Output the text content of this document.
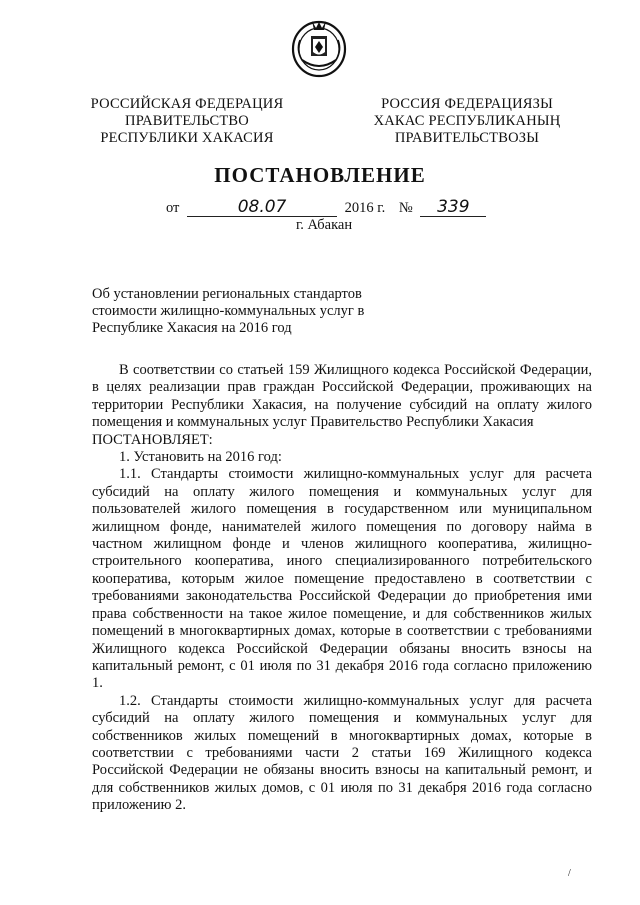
РОССИЙСКАЯ ФЕДЕРАЦИЯ
ПРАВИТЕЛЬСТВО
РЕСПУБЛИКИ ХАКАСИЯ
РОССИЯ ФЕДЕРАЦИЯЗЫ
ХАКАС РЕСПУБЛИКАНЫҢ
ПРАВИТЕЛЬСТВОЗЫ
ПОСТАНОВЛЕНИЕ
от	08.07	2016 г. № 339
г. Абакан
Об установлении региональных стандартов стоимости жилищно-коммунальных услуг в Республике Хакасия на 2016 год

В соответствии со статьей 159 Жилищного кодекса Российской Федерации, в целях реализации прав граждан Российской Федерации, проживающих на территории Республики Хакасия, на получение субсидий на оплату жилого помещения и коммунальных услуг Правительство Республики Хакасия

ПОСТАНОВЛЯЕТ:

1. Установить на 2016 год:

1.1. Стандарты стоимости жилищно-коммунальных услуг для расчета субсидий на оплату жилого помещения и коммунальных услуг для пользователей жилого помещения в государственном или муниципальном жилищном фонде, нанимателей жилого помещения по договору найма в частном жилищном фонде и членов жилищного кооператива, жилищно-строительного кооператива, иного специализированного потребительского кооператива, которым жилое помещение предоставлено в соответствии с требованиями законодательства Российской Федерации до приобретения ими права собственности на такое жилое помещение, и для собственников жилых помещений в многоквартирных домах, которые в соответствии с требованиями Жилищного кодекса Российской Федерации обязаны вносить взносы на капитальный ремонт, с 01 июля по 31 декабря 2016 года согласно приложению 1.

1.2. Стандарты стоимости жилищно-коммунальных услуг для расчета субсидий на оплату жилого помещения и коммунальных услуг для собственников жилых помещений в многоквартирных домах, которые в соответствии с требованиями части 2 статьи 169 Жилищного кодекса Российской Федерации не обязаны вносить взносы на капитальный ремонт, и для собственников жилых домов, с 01 июля по 31 декабря 2016 года согласно приложению 2.

/
